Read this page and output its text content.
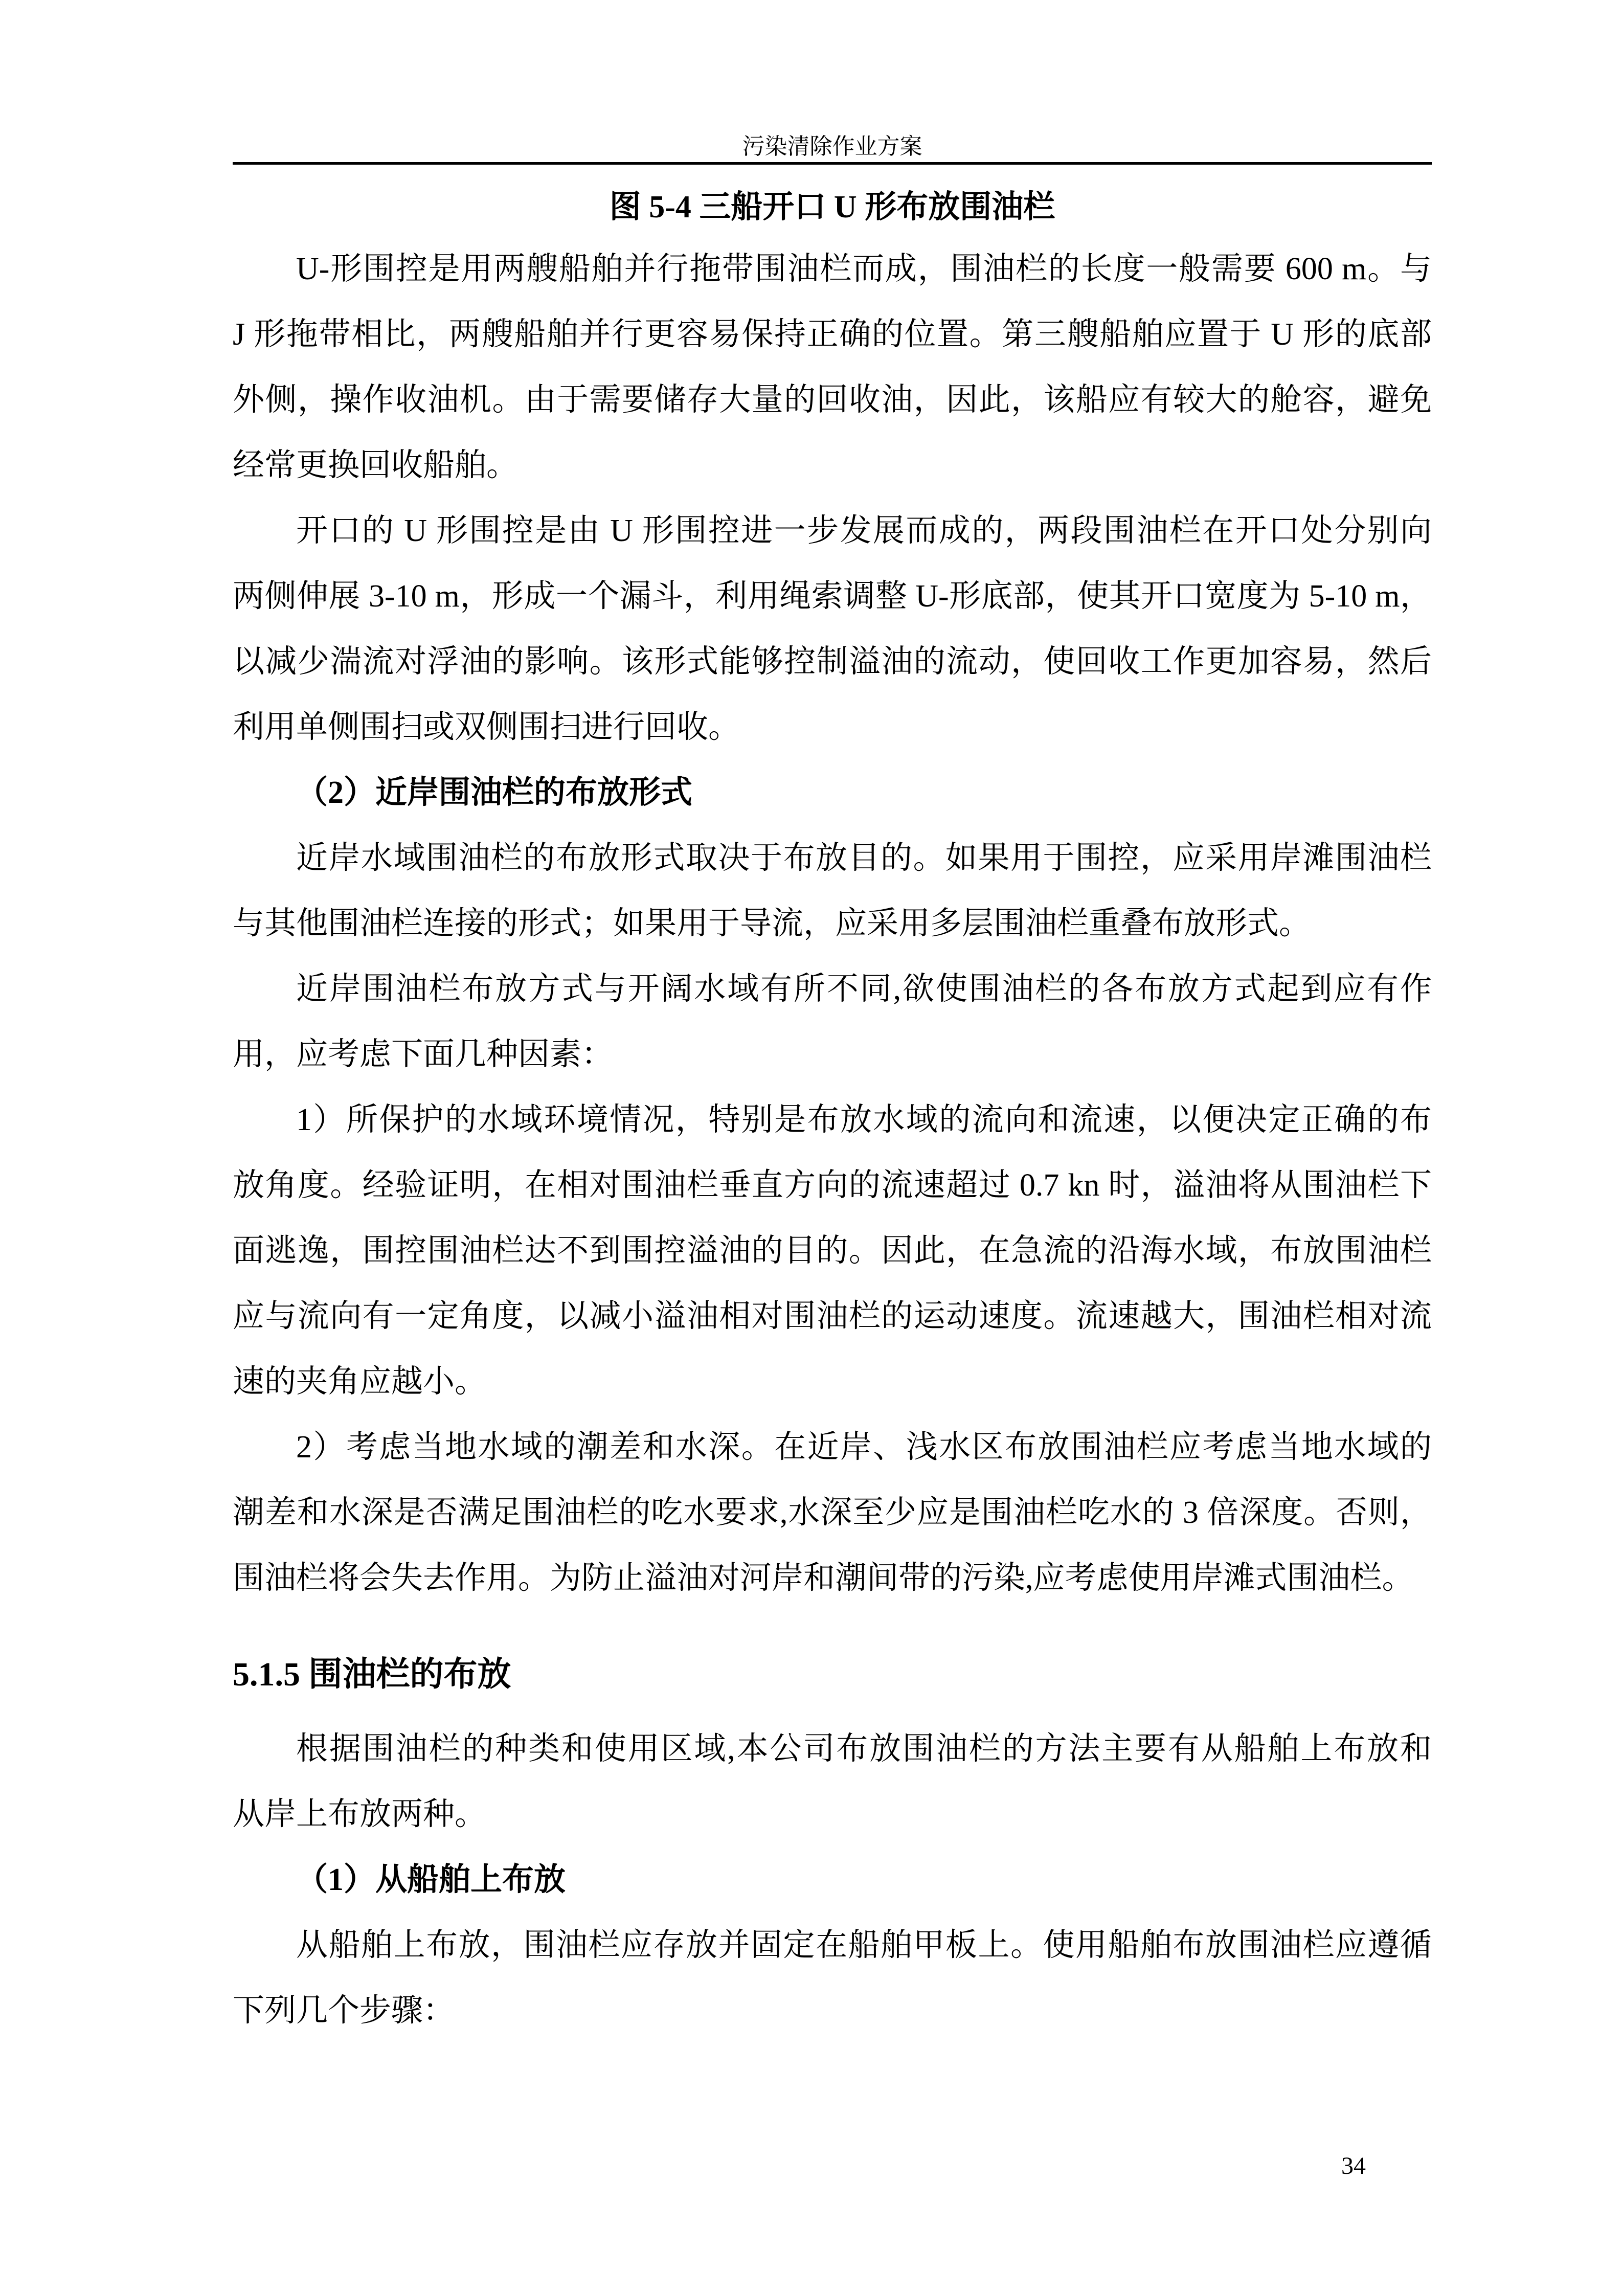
污染清除作业方案
图 5-4 三船开口 U 形布放围油栏
U-形围控是用两艘船舶并行拖带围油栏而成，围油栏的长度一般需要 600 m。与
J 形拖带相比，两艘船舶并行更容易保持正确的位置。第三艘船舶应置于 U 形的底部
外侧，操作收油机。由于需要储存大量的回收油，因此，该船应有较大的舱容，避免
经常更换回收船舶。
开口的 U 形围控是由 U 形围控进一步发展而成的，两段围油栏在开口处分别向
两侧伸展 3-10 m，形成一个漏斗，利用绳索调整 U-形底部，使其开口宽度为 5-10 m，
以减少湍流对浮油的影响。该形式能够控制溢油的流动，使回收工作更加容易，然后
利用单侧围扫或双侧围扫进行回收。
（2）近岸围油栏的布放形式
近岸水域围油栏的布放形式取决于布放目的。如果用于围控，应采用岸滩围油栏
与其他围油栏连接的形式；如果用于导流，应采用多层围油栏重叠布放形式。
近岸围油栏布放方式与开阔水域有所不同,欲使围油栏的各布放方式起到应有作
用，应考虑下面几种因素：
1）所保护的水域环境情况，特别是布放水域的流向和流速，以便决定正确的布
放角度。经验证明，在相对围油栏垂直方向的流速超过 0.7 kn 时，溢油将从围油栏下
面逃逸，围控围油栏达不到围控溢油的目的。因此，在急流的沿海水域，布放围油栏
应与流向有一定角度，以减小溢油相对围油栏的运动速度。流速越大，围油栏相对流
速的夹角应越小。
2）考虑当地水域的潮差和水深。在近岸、浅水区布放围油栏应考虑当地水域的
潮差和水深是否满足围油栏的吃水要求,水深至少应是围油栏吃水的 3 倍深度。否则，
围油栏将会失去作用。为防止溢油对河岸和潮间带的污染,应考虑使用岸滩式围油栏。
5.1.5 围油栏的布放
根据围油栏的种类和使用区域,本公司布放围油栏的方法主要有从船舶上布放和
从岸上布放两种。
（1）从船舶上布放
从船舶上布放，围油栏应存放并固定在船舶甲板上。使用船舶布放围油栏应遵循
下列几个步骤：
34
